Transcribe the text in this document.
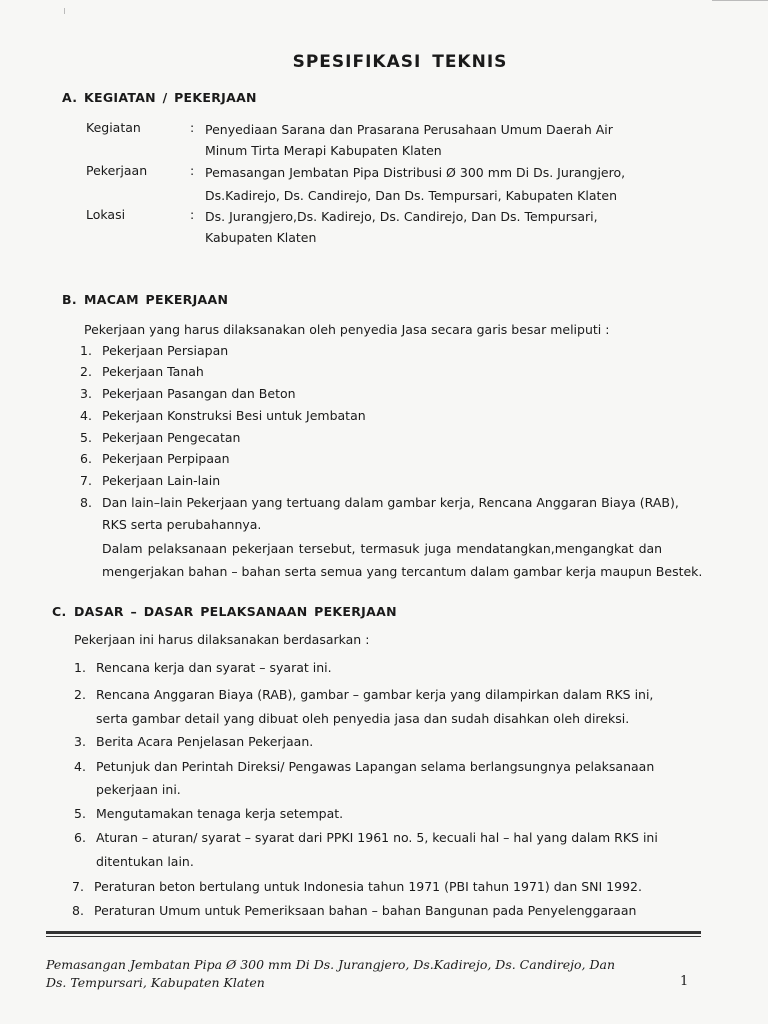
SPESIFIKASI TEKNIS
A. KEGIATAN / PEKERJAAN
Kegiatan	: Penyediaan Sarana dan Prasarana Perusahaan Umum Daerah Air
Minum Tirta Merapi Kabupaten Klaten
Pekerjaan	: Pemasangan Jembatan Pipa Distribusi Ø 300 mm Di Ds. Jurangjero,
Ds.Kadirejo, Ds. Candirejo, Dan Ds. Tempursari, Kabupaten Klaten
Lokasi	: Ds. Jurangjero,Ds. Kadirejo, Ds. Candirejo, Dan Ds. Tempursari,
Kabupaten Klaten
B. MACAM PEKERJAAN
Pekerjaan yang harus dilaksanakan oleh penyedia Jasa secara garis besar meliputi :
1. Pekerjaan Persiapan
2. Pekerjaan Tanah
3. Pekerjaan Pasangan dan Beton
4. Pekerjaan Konstruksi Besi untuk Jembatan
5. Pekerjaan Pengecatan
6. Pekerjaan Perpipaan
7. Pekerjaan Lain-lain
8. Dan lain–lain Pekerjaan yang tertuang dalam gambar kerja, Rencana Anggaran Biaya (RAB),
RKS serta perubahannya.
Dalam pelaksanaan pekerjaan tersebut, termasuk juga mendatangkan,mengangkat dan
mengerjakan bahan – bahan serta semua yang tercantum dalam gambar kerja maupun Bestek.
C. DASAR – DASAR PELAKSANAAN PEKERJAAN
Pekerjaan ini harus dilaksanakan berdasarkan :
1. Rencana kerja dan syarat – syarat ini.
2. Rencana Anggaran Biaya (RAB), gambar – gambar kerja yang dilampirkan dalam RKS ini,
serta gambar detail yang dibuat oleh penyedia jasa dan sudah disahkan oleh direksi.
3. Berita Acara Penjelasan Pekerjaan.
4. Petunjuk dan Perintah Direksi/ Pengawas Lapangan selama berlangsungnya pelaksanaan
pekerjaan ini.
5. Mengutamakan tenaga kerja setempat.
6. Aturan – aturan/ syarat – syarat dari PPKI 1961 no. 5, kecuali hal – hal yang dalam RKS ini
ditentukan lain.
7. Peraturan beton bertulang untuk Indonesia tahun 1971 (PBI tahun 1971) dan SNI 1992.
8. Peraturan Umum untuk Pemeriksaan bahan – bahan Bangunan pada Penyelenggaraan
Pemasangan Jembatan Pipa Ø 300 mm Di Ds. Jurangjero, Ds.Kadirejo, Ds. Candirejo, Dan
Ds. Tempursari, Kabupaten Klaten	1
